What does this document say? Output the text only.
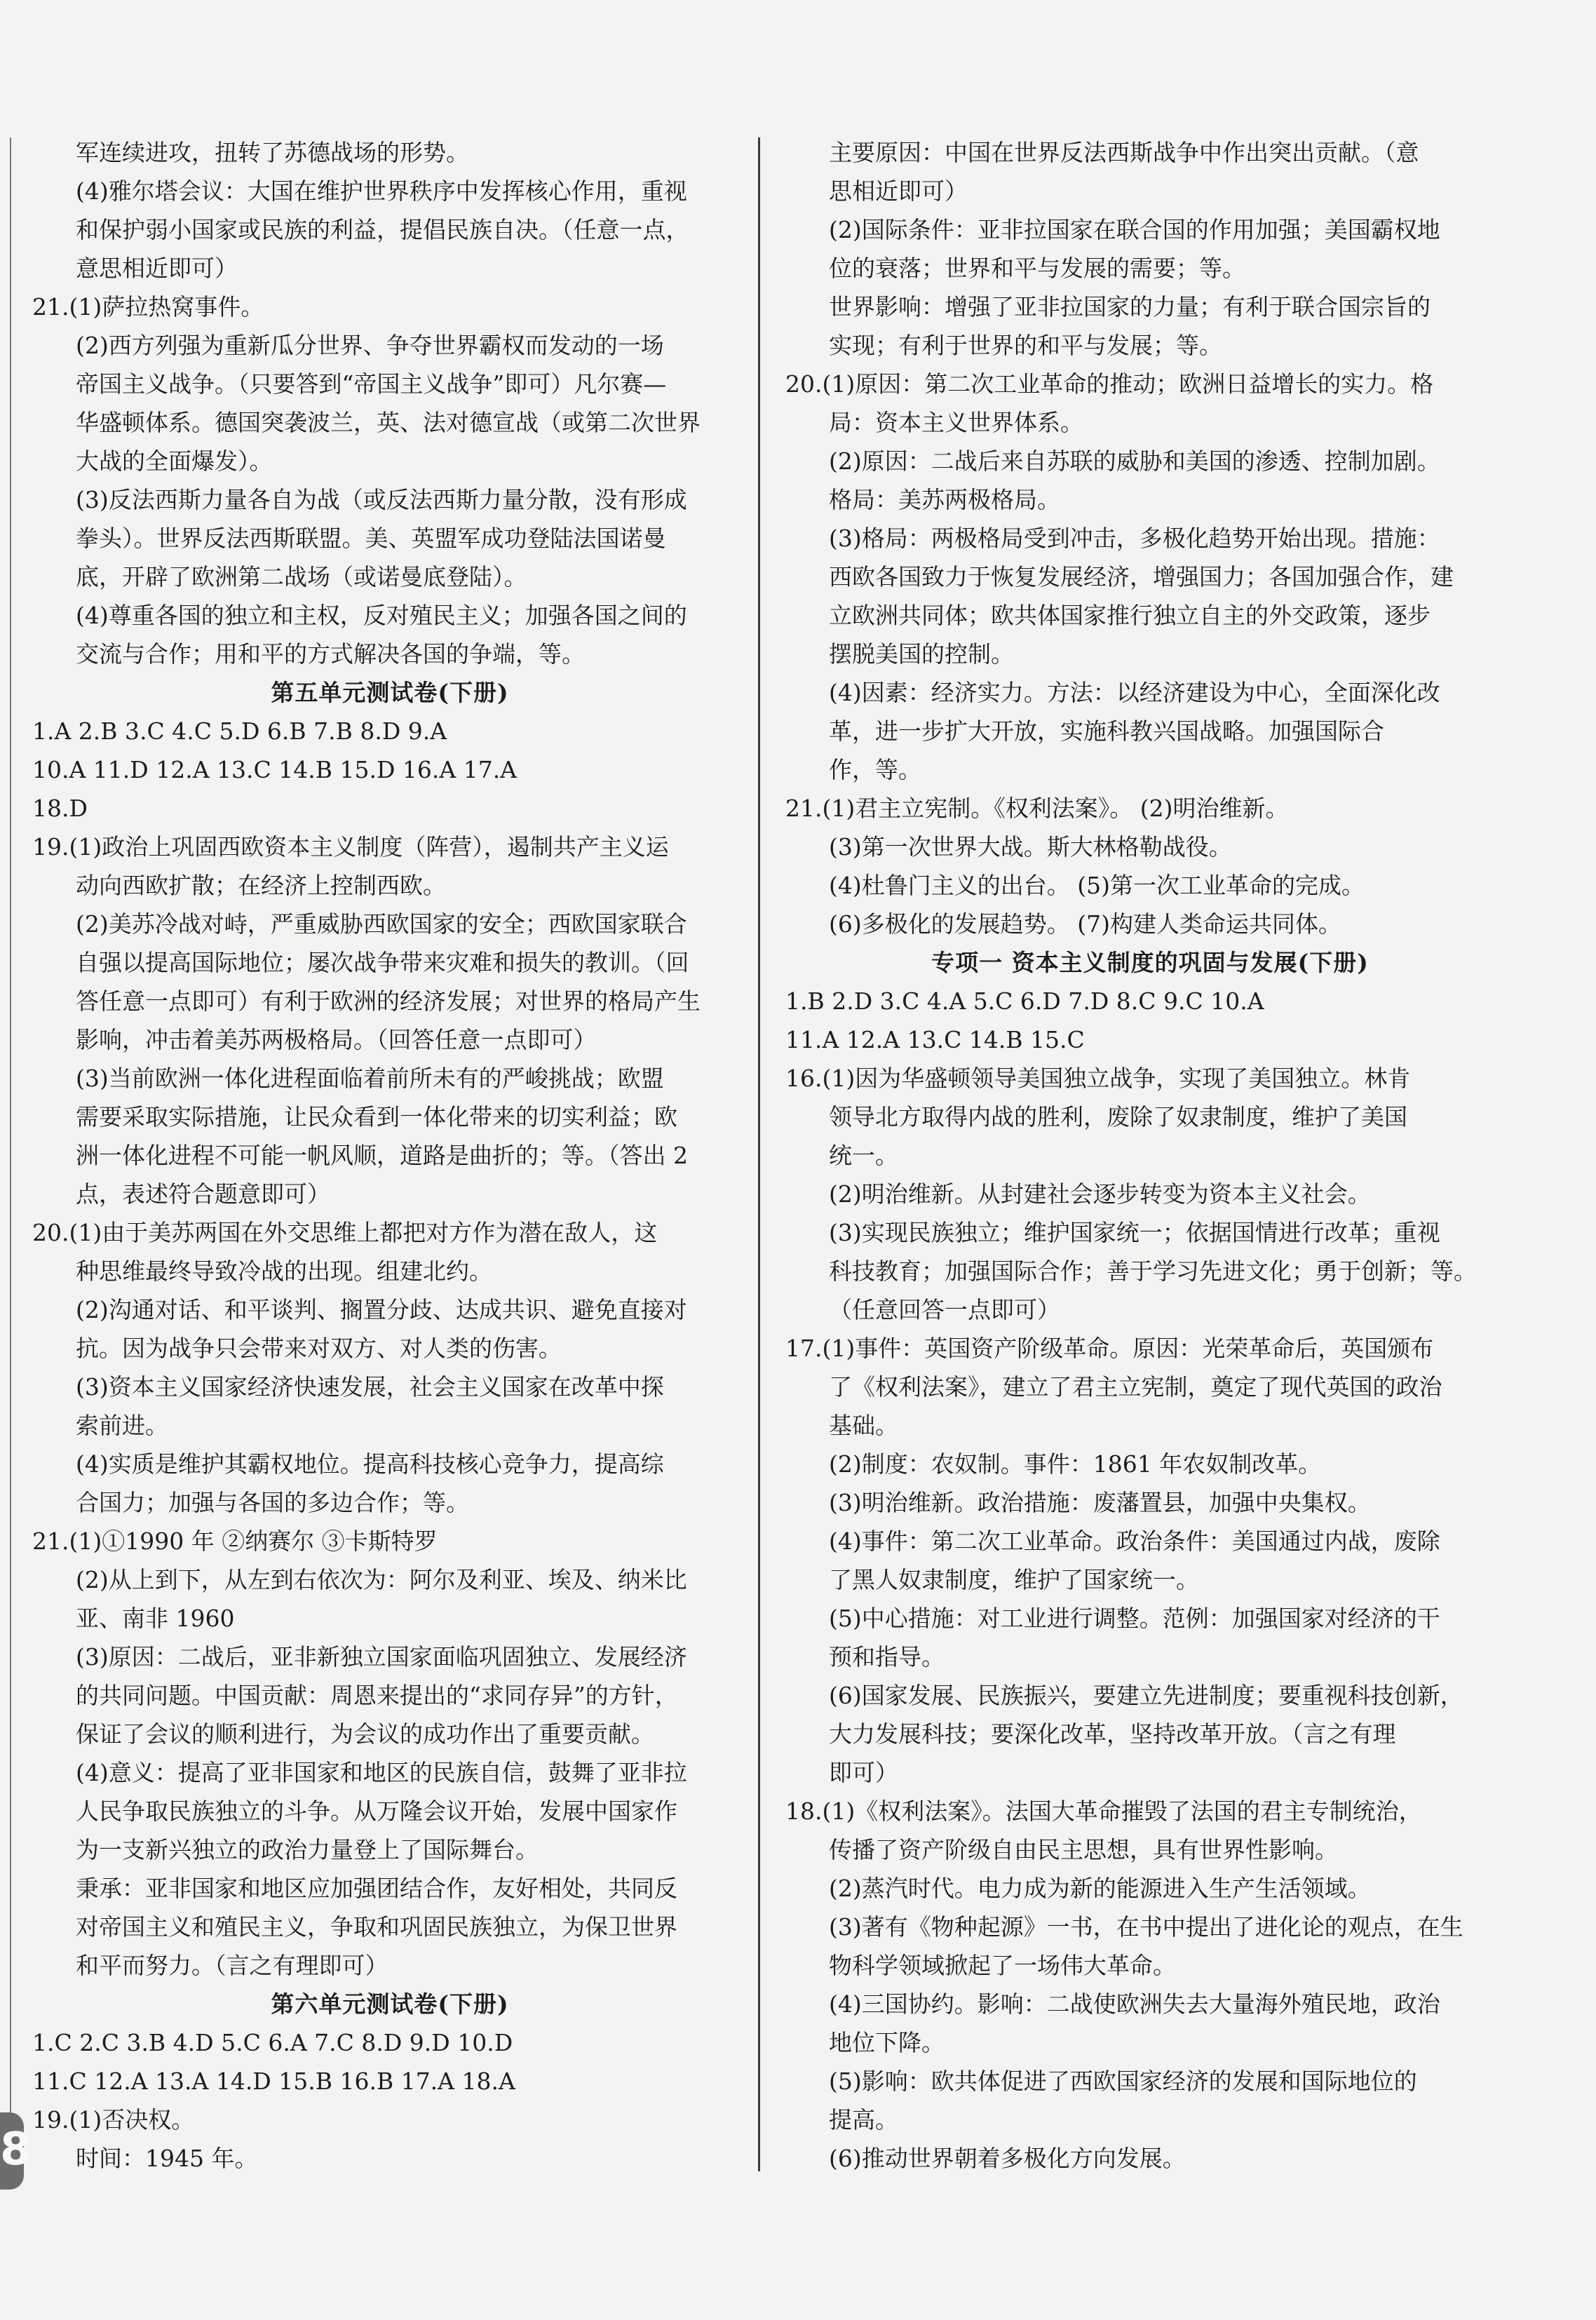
军连续进攻，扭转了苏德战场的形势。
(4)雅尔塔会议：大国在维护世界秩序中发挥核心作用，重视
和保护弱小国家或民族的利益，提倡民族自决。（任意一点，
意思相近即可）
21.(1)萨拉热窝事件。
(2)西方列强为重新瓜分世界、争夺世界霸权而发动的一场
帝国主义战争。（只要答到“帝国主义战争”即可）凡尔赛—
华盛顿体系。德国突袭波兰，英、法对德宣战（或第二次世界
大战的全面爆发）。
(3)反法西斯力量各自为战（或反法西斯力量分散，没有形成
拳头）。世界反法西斯联盟。美、英盟军成功登陆法国诺曼
底，开辟了欧洲第二战场（或诺曼底登陆）。
(4)尊重各国的独立和主权，反对殖民主义；加强各国之间的
交流与合作；用和平的方式解决各国的争端，等。
第五单元测试卷(下册)
1.A 2.B 3.C 4.C 5.D 6.B 7.B 8.D 9.A
10.A 11.D 12.A 13.C 14.B 15.D 16.A 17.A
18.D
19.(1)政治上巩固西欧资本主义制度（阵营），遏制共产主义运
动向西欧扩散；在经济上控制西欧。
(2)美苏冷战对峙，严重威胁西欧国家的安全；西欧国家联合
自强以提高国际地位；屡次战争带来灾难和损失的教训。（回
答任意一点即可）有利于欧洲的经济发展；对世界的格局产生
影响，冲击着美苏两极格局。（回答任意一点即可）
(3)当前欧洲一体化进程面临着前所未有的严峻挑战；欧盟
需要采取实际措施，让民众看到一体化带来的切实利益；欧
洲一体化进程不可能一帆风顺，道路是曲折的；等。（答出 2
点，表述符合题意即可）
20.(1)由于美苏两国在外交思维上都把对方作为潜在敌人，这
种思维最终导致冷战的出现。组建北约。
(2)沟通对话、和平谈判、搁置分歧、达成共识、避免直接对
抗。因为战争只会带来对双方、对人类的伤害。
(3)资本主义国家经济快速发展，社会主义国家在改革中探
索前进。
(4)实质是维护其霸权地位。提高科技核心竞争力，提高综
合国力；加强与各国的多边合作；等。
21.(1)①1990 年 ②纳赛尔 ③卡斯特罗
(2)从上到下，从左到右依次为：阿尔及利亚、埃及、纳米比
亚、南非 1960
(3)原因：二战后，亚非新独立国家面临巩固独立、发展经济
的共同问题。中国贡献：周恩来提出的“求同存异”的方针，
保证了会议的顺利进行，为会议的成功作出了重要贡献。
(4)意义：提高了亚非国家和地区的民族自信，鼓舞了亚非拉
人民争取民族独立的斗争。从万隆会议开始，发展中国家作
为一支新兴独立的政治力量登上了国际舞台。
秉承：亚非国家和地区应加强团结合作，友好相处，共同反
对帝国主义和殖民主义，争取和巩固民族独立，为保卫世界
和平而努力。（言之有理即可）
第六单元测试卷(下册)
1.C 2.C 3.B 4.D 5.C 6.A 7.C 8.D 9.D 10.D
11.C 12.A 13.A 14.D 15.B 16.B 17.A 18.A
19.(1)否决权。
时间：1945 年。
主要原因：中国在世界反法西斯战争中作出突出贡献。（意
思相近即可）
(2)国际条件：亚非拉国家在联合国的作用加强；美国霸权地
位的衰落；世界和平与发展的需要；等。
世界影响：增强了亚非拉国家的力量；有利于联合国宗旨的
实现；有利于世界的和平与发展；等。
20.(1)原因：第二次工业革命的推动；欧洲日益增长的实力。格
局：资本主义世界体系。
(2)原因：二战后来自苏联的威胁和美国的渗透、控制加剧。
格局：美苏两极格局。
(3)格局：两极格局受到冲击，多极化趋势开始出现。措施：
西欧各国致力于恢复发展经济，增强国力；各国加强合作，建
立欧洲共同体；欧共体国家推行独立自主的外交政策，逐步
摆脱美国的控制。
(4)因素：经济实力。方法：以经济建设为中心，全面深化改
革，进一步扩大开放，实施科教兴国战略。加强国际合
作，等。
21.(1)君主立宪制。《权利法案》。 (2)明治维新。
(3)第一次世界大战。斯大林格勒战役。
(4)杜鲁门主义的出台。 (5)第一次工业革命的完成。
(6)多极化的发展趋势。 (7)构建人类命运共同体。
专项一 资本主义制度的巩固与发展(下册)
1.B 2.D 3.C 4.A 5.C 6.D 7.D 8.C 9.C 10.A
11.A 12.A 13.C 14.B 15.C
16.(1)因为华盛顿领导美国独立战争，实现了美国独立。林肯
领导北方取得内战的胜利，废除了奴隶制度，维护了美国
统一。
(2)明治维新。从封建社会逐步转变为资本主义社会。
(3)实现民族独立；维护国家统一；依据国情进行改革；重视
科技教育；加强国际合作；善于学习先进文化；勇于创新；等。
（任意回答一点即可）
17.(1)事件：英国资产阶级革命。原因：光荣革命后，英国颁布
了《权利法案》，建立了君主立宪制，奠定了现代英国的政治
基础。
(2)制度：农奴制。事件：1861 年农奴制改革。
(3)明治维新。政治措施：废藩置县，加强中央集权。
(4)事件：第二次工业革命。政治条件：美国通过内战，废除
了黑人奴隶制度，维护了国家统一。
(5)中心措施：对工业进行调整。范例：加强国家对经济的干
预和指导。
(6)国家发展、民族振兴，要建立先进制度；要重视科技创新，
大力发展科技；要深化改革，坚持改革开放。（言之有理
即可）
18.(1)《权利法案》。法国大革命摧毁了法国的君主专制统治，
传播了资产阶级自由民主思想，具有世界性影响。
(2)蒸汽时代。电力成为新的能源进入生产生活领域。
(3)著有《物种起源》一书，在书中提出了进化论的观点，在生
物科学领域掀起了一场伟大革命。
(4)三国协约。影响：二战使欧洲失去大量海外殖民地，政治
地位下降。
(5)影响：欧共体促进了西欧国家经济的发展和国际地位的
提高。
(6)推动世界朝着多极化方向发展。
8
